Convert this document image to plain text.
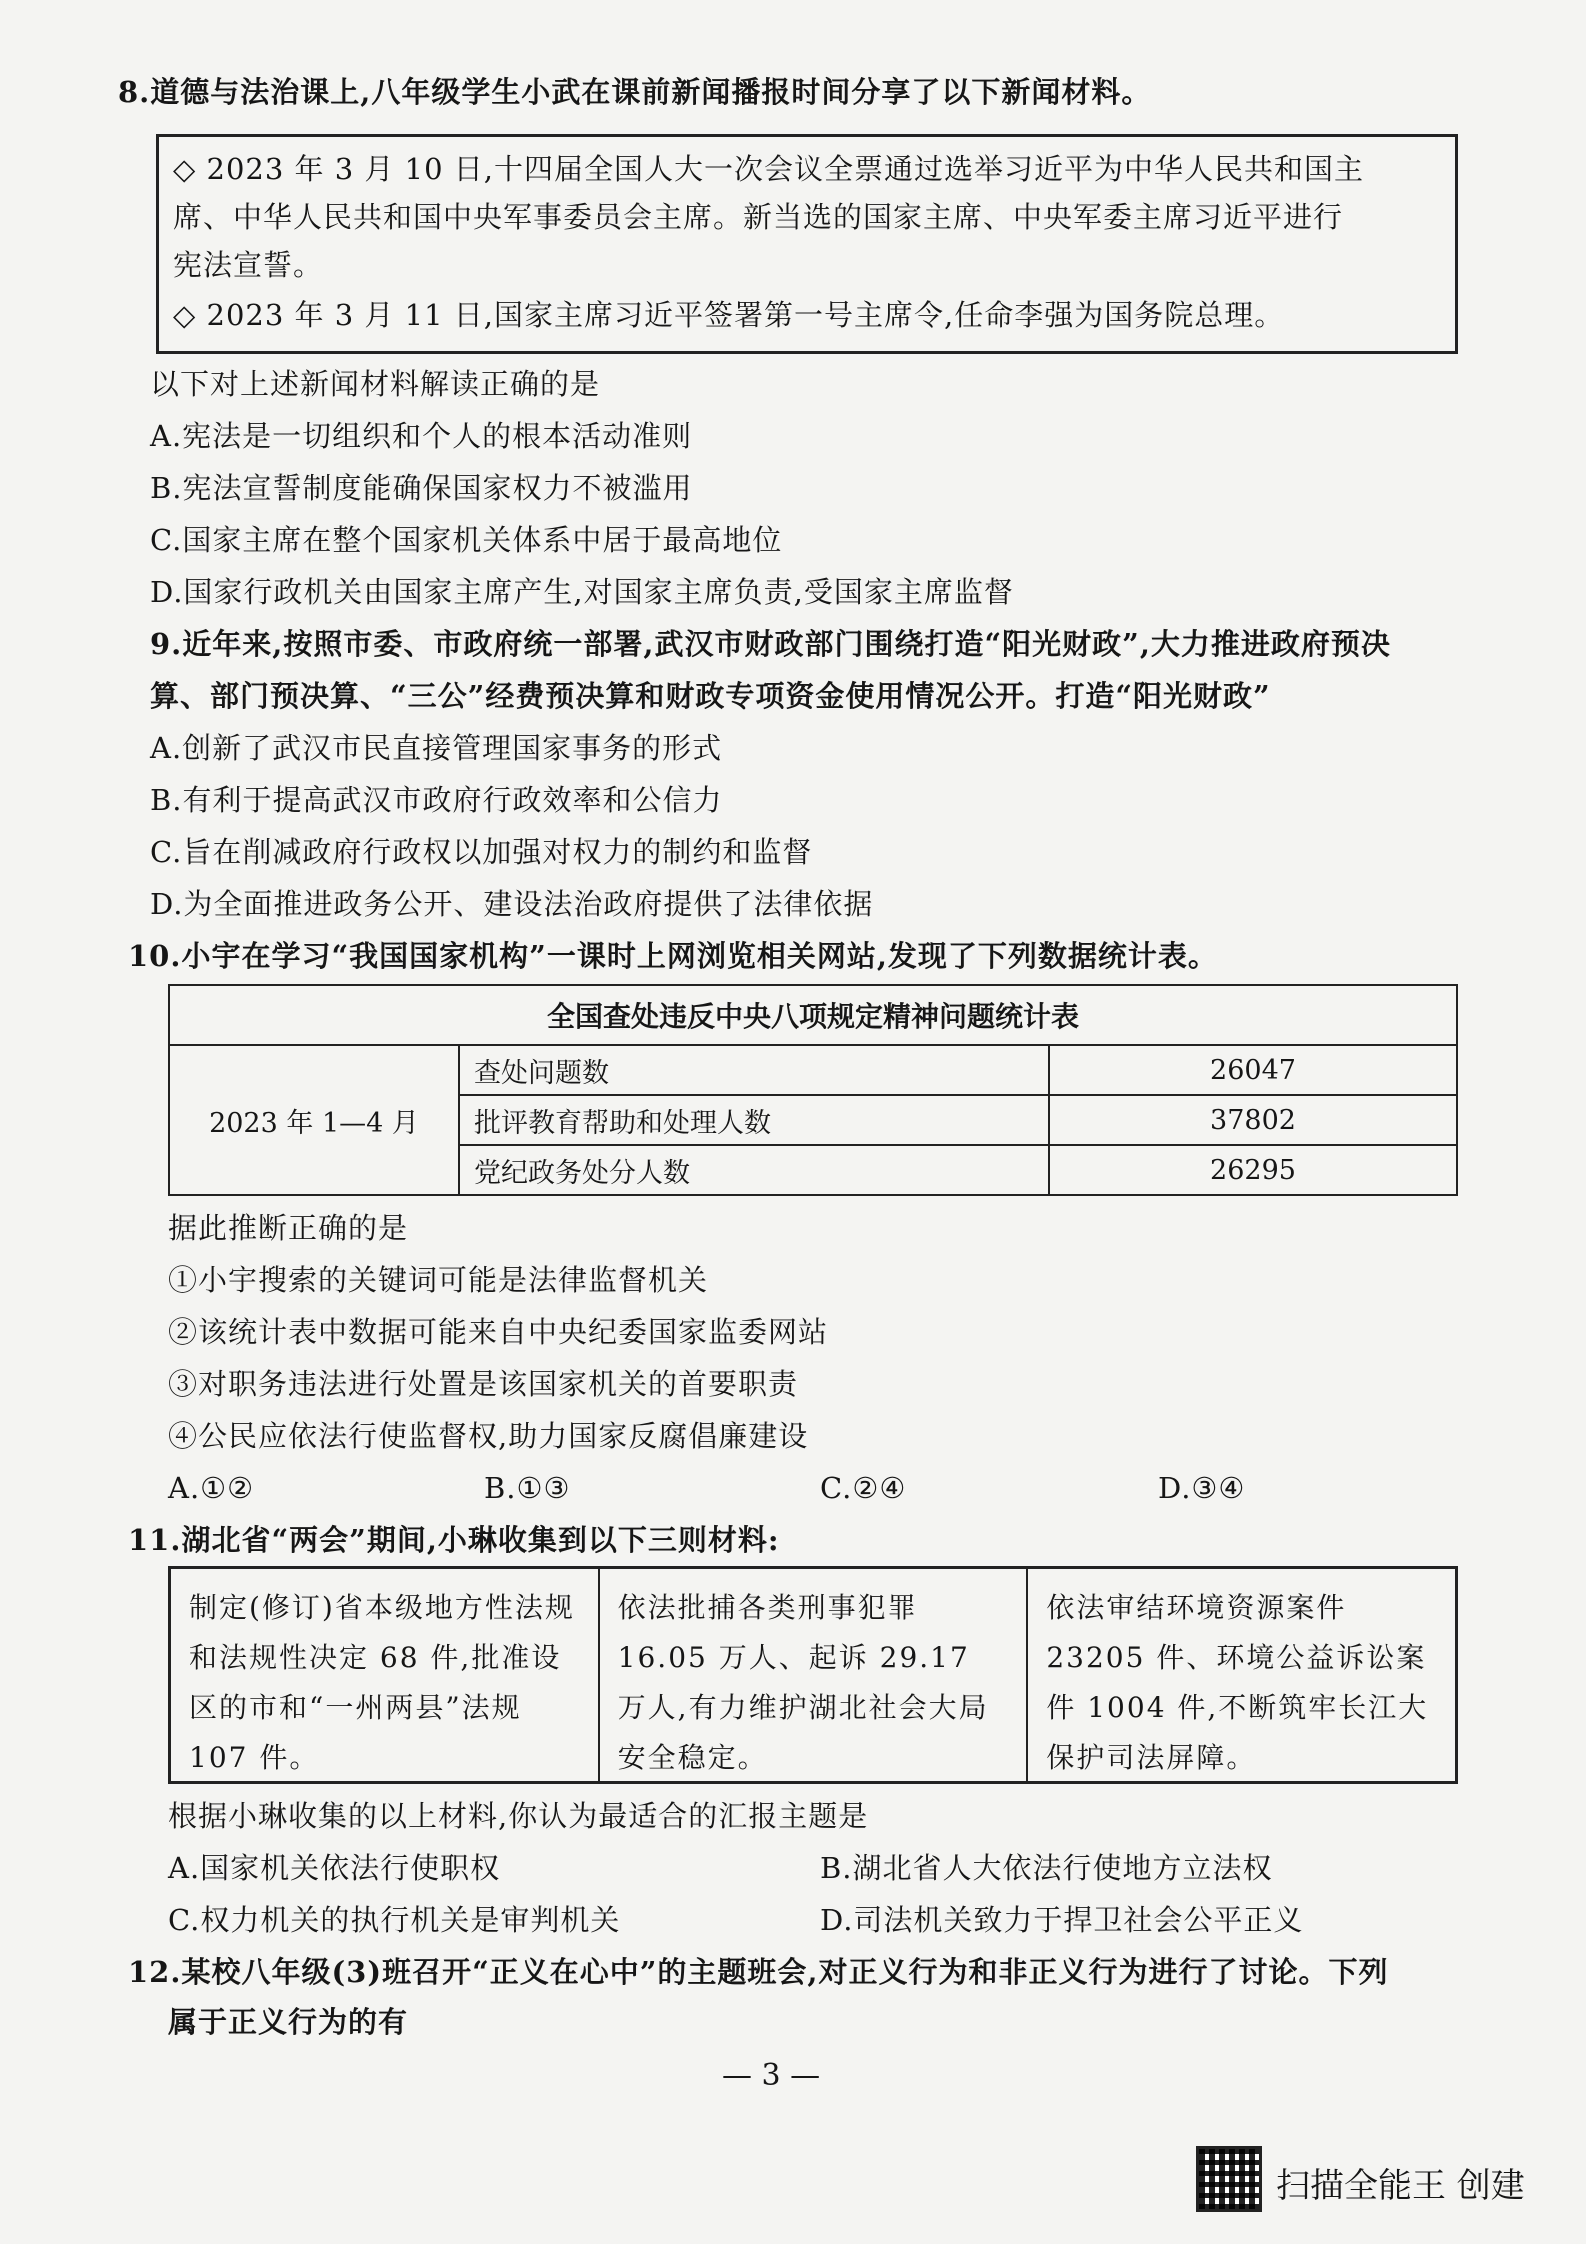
8.道德与法治课上,八年级学生小武在课前新闻播报时间分享了以下新闻材料。
◇ 2023 年 3 月 10 日,十四届全国人大一次会议全票通过选举习近平为中华人民共和国主
席、中华人民共和国中央军事委员会主席。新当选的国家主席、中央军委主席习近平进行
宪法宣誓。
◇ 2023 年 3 月 11 日,国家主席习近平签署第一号主席令,任命李强为国务院总理。
以下对上述新闻材料解读正确的是
A.宪法是一切组织和个人的根本活动准则
B.宪法宣誓制度能确保国家权力不被滥用
C.国家主席在整个国家机关体系中居于最高地位
D.国家行政机关由国家主席产生,对国家主席负责,受国家主席监督
9.近年来,按照市委、市政府统一部署,武汉市财政部门围绕打造“阳光财政”,大力推进政府预决
算、部门预决算、“三公”经费预决算和财政专项资金使用情况公开。打造“阳光财政”
A.创新了武汉市民直接管理国家事务的形式
B.有利于提高武汉市政府行政效率和公信力
C.旨在削减政府行政权以加强对权力的制约和监督
D.为全面推进政务公开、建设法治政府提供了法律依据
10.小宇在学习“我国国家机构”一课时上网浏览相关网站,发现了下列数据统计表。
全国查处违反中央八项规定精神问题统计表		
2023 年 1—4 月	查处问题数	26047
	批评教育帮助和处理人数	37802
	党纪政务处分人数	26295
据此推断正确的是
①小宇搜索的关键词可能是法律监督机关
②该统计表中数据可能来自中央纪委国家监委网站
③对职务违法进行处置是该国家机关的首要职责
④公民应依法行使监督权,助力国家反腐倡廉建设
A.①②	B.①③	C.②④	D.③④
11.湖北省“两会”期间,小琳收集到以下三则材料:
制定(修订)省本级地方性法规和法规性决定 68 件,批准设区的市和“一州两县”法规 107 件。
依法批捕各类刑事犯罪 16.05 万人、起诉 29.17 万人,有力维护湖北社会大局安全稳定。
依法审结环境资源案件 23205 件、环境公益诉讼案件 1004 件,不断筑牢长江大保护司法屏障。
根据小琳收集的以上材料,你认为最适合的汇报主题是
A.国家机关依法行使职权	B.湖北省人大依法行使地方立法权
C.权力机关的执行机关是审判机关	D.司法机关致力于捍卫社会公平正义
12.某校八年级(3)班召开“正义在心中”的主题班会,对正义行为和非正义行为进行了讨论。下列
属于正义行为的有
— 3 —
扫描全能王 创建
